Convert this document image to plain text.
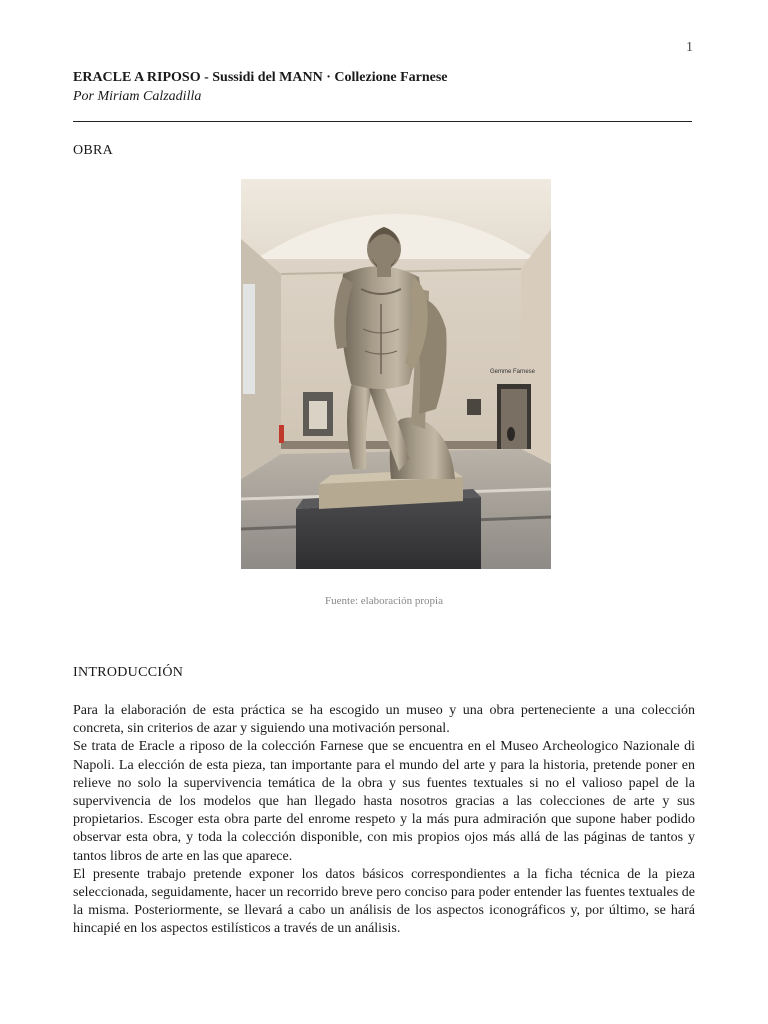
1
ERACLE A RIPOSO - Sussidi del MANN · Collezione Farnese
Por Miriam Calzadilla
OBRA
Gemme Farnese
Fuente: elaboración propia
INTRODUCCIÓN

Para la elaboración de esta práctica se ha escogido un museo y una obra perteneciente a una colección concreta, sin criterios de azar y siguiendo una motivación personal.

Se trata de Eracle a riposo de la colección Farnese que se encuentra en el Museo Archeologico Nazionale di Napoli. La elección de esta pieza, tan importante para el mundo del arte y para la historia, pretende poner en relieve no solo la supervivencia temática de la obra y sus fuentes textuales si no el valioso papel de la supervivencia de los modelos que han llegado hasta nosotros gracias a las colecciones de arte y sus propietarios. Escoger esta obra parte del enrome respeto y la más pura admiración que supone haber podido observar esta obra, y toda la colección disponible, con mis propios ojos más allá de las páginas de tantos y tantos libros de arte en las que aparece.

El presente trabajo pretende exponer los datos básicos correspondientes a la ficha técnica de la pieza seleccionada, seguidamente, hacer un recorrido breve pero conciso para poder entender las fuentes textuales de la misma. Posteriormente, se llevará a cabo un análisis de los aspectos iconográficos y, por último, se hará hincapié en los aspectos estilísticos a través de un análisis.
